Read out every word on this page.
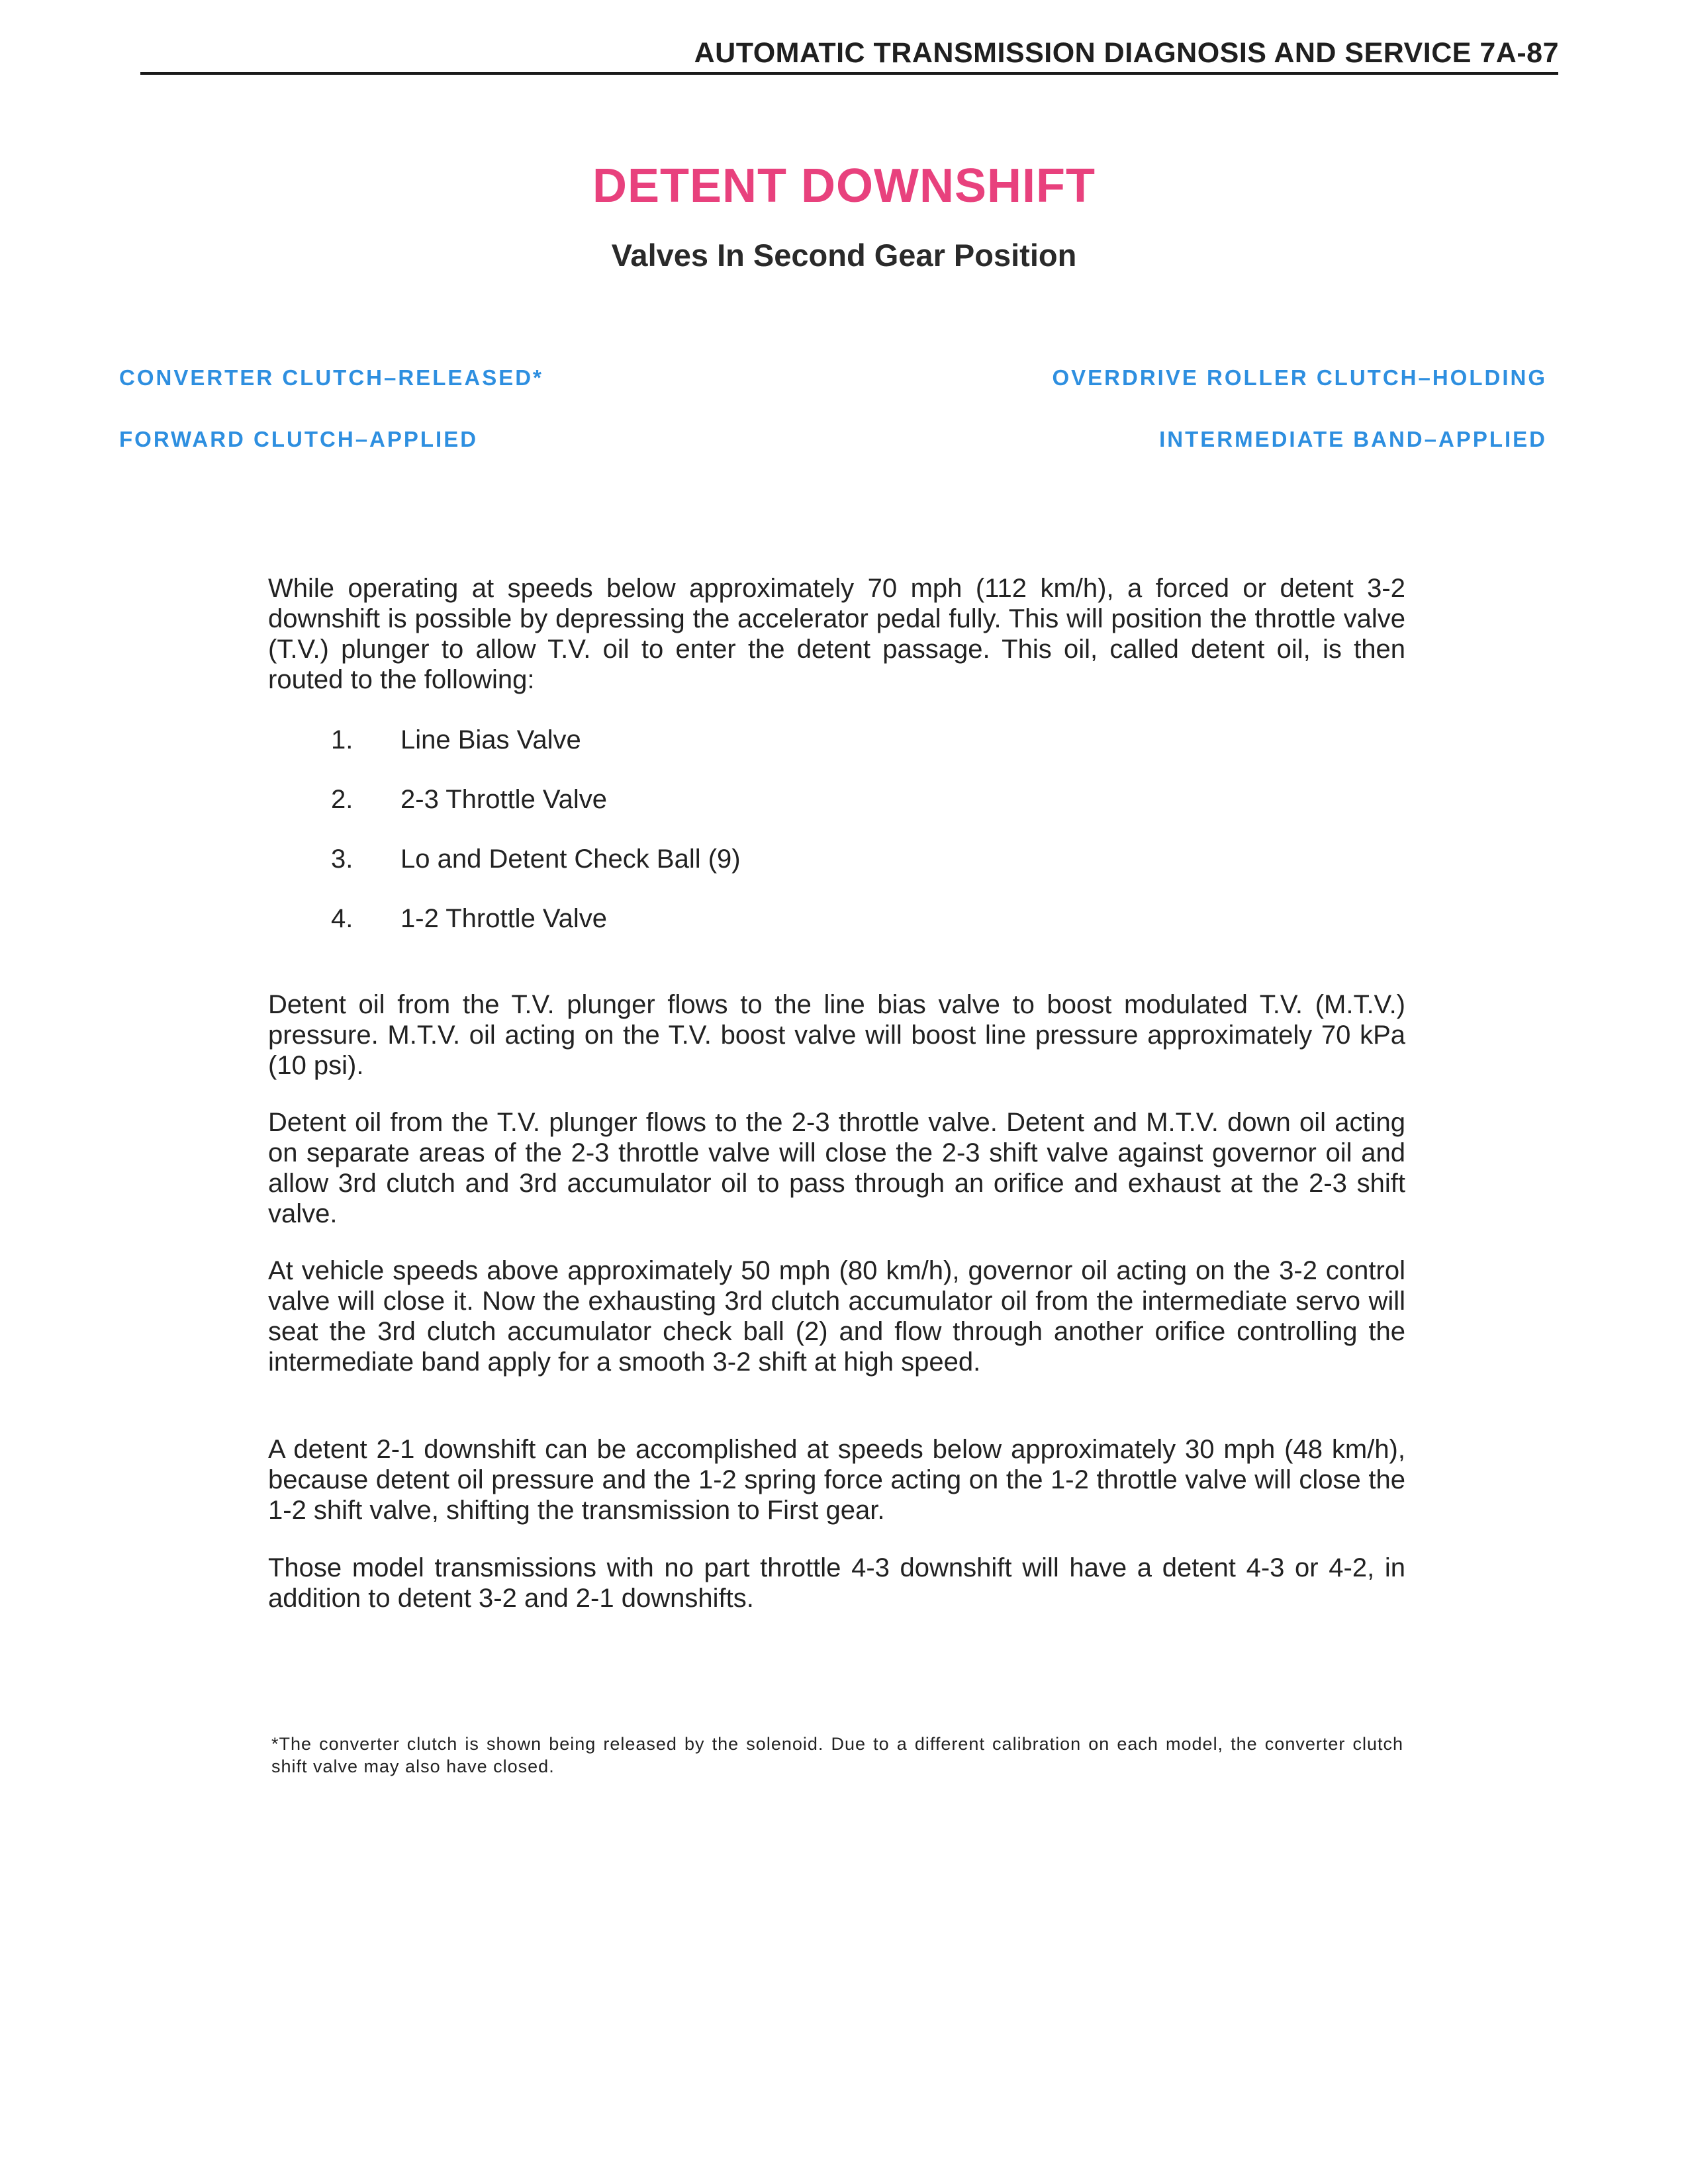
AUTOMATIC TRANSMISSION DIAGNOSIS AND SERVICE 7A-87
DETENT DOWNSHIFT
Valves In Second Gear Position
CONVERTER CLUTCH–RELEASED*
FORWARD CLUTCH–APPLIED
OVERDRIVE ROLLER CLUTCH–HOLDING
INTERMEDIATE BAND–APPLIED
While operating at speeds below approximately 70 mph (112 km/h), a forced or detent 3-2 downshift is possible by depressing the accelerator pedal fully. This will position the throttle valve (T.V.) plunger to allow T.V. oil to enter the detent passage. This oil, called detent oil, is then routed to the following:
1. Line Bias Valve
2. 2-3 Throttle Valve
3. Lo and Detent Check Ball (9)
4. 1-2 Throttle Valve
Detent oil from the T.V. plunger flows to the line bias valve to boost modulated T.V. (M.T.V.) pressure. M.T.V. oil acting on the T.V. boost valve will boost line pressure approximately 70 kPa (10 psi).
Detent oil from the T.V. plunger flows to the 2-3 throttle valve. Detent and M.T.V. down oil acting on separate areas of the 2-3 throttle valve will close the 2-3 shift valve against governor oil and allow 3rd clutch and 3rd accumulator oil to pass through an orifice and exhaust at the 2-3 shift valve.
At vehicle speeds above approximately 50 mph (80 km/h), governor oil acting on the 3-2 control valve will close it. Now the exhausting 3rd clutch accumulator oil from the intermediate servo will seat the 3rd clutch accumulator check ball (2) and flow through another orifice controlling the intermediate band apply for a smooth 3-2 shift at high speed.
A detent 2-1 downshift can be accomplished at speeds below approximately 30 mph (48 km/h), because detent oil pressure and the 1-2 spring force acting on the 1-2 throttle valve will close the 1-2 shift valve, shifting the transmission to First gear.
Those model transmissions with no part throttle 4-3 downshift will have a detent 4-3 or 4-2, in addition to detent 3-2 and 2-1 downshifts.
*The converter clutch is shown being released by the solenoid. Due to a different calibration on each model, the converter clutch shift valve may also have closed.
